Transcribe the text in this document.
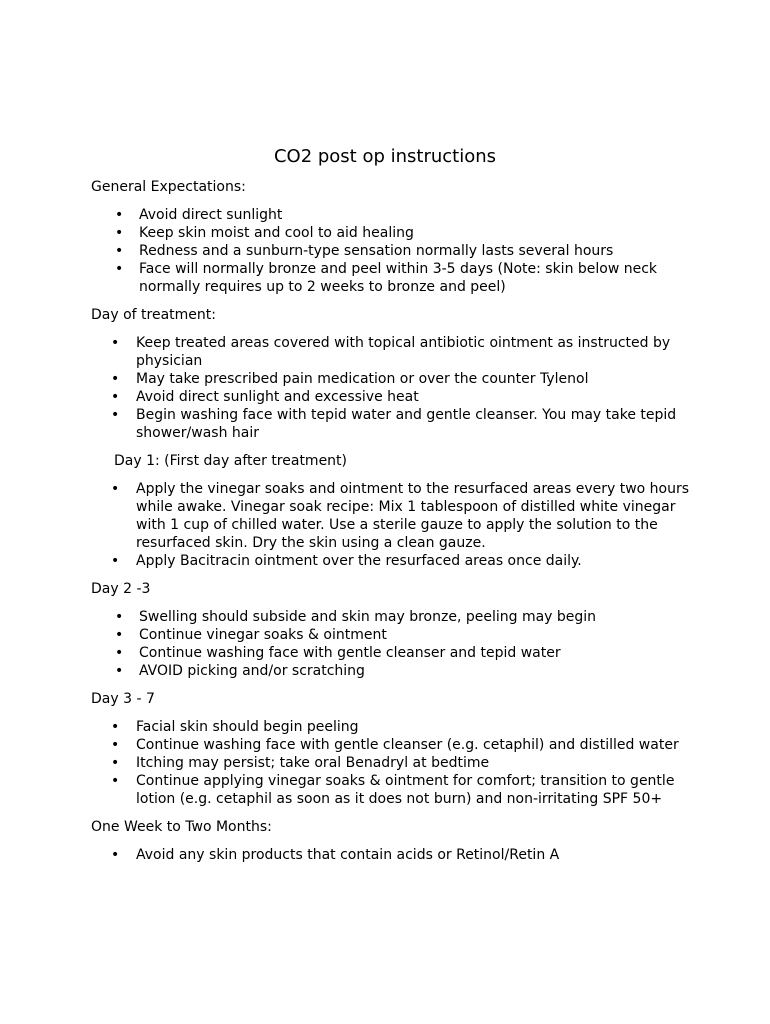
CO2 post op instructions

General Expectations:

• Avoid direct sunlight
• Keep skin moist and cool to aid healing
• Redness and a sunburn-type sensation normally lasts several hours
• Face will normally bronze and peel within 3-5 days (Note: skin below neck normally requires up to 2 weeks to bronze and peel)

Day of treatment:

• Keep treated areas covered with topical antibiotic ointment as instructed by physician
• May take prescribed pain medication or over the counter Tylenol
• Avoid direct sunlight and excessive heat
• Begin washing face with tepid water and gentle cleanser. You may take tepid shower/wash hair

Day 1: (First day after treatment)

• Apply the vinegar soaks and ointment to the resurfaced areas every two hours while awake. Vinegar soak recipe: Mix 1 tablespoon of distilled white vinegar with 1 cup of chilled water. Use a sterile gauze to apply the solution to the resurfaced skin. Dry the skin using a clean gauze.
• Apply Bacitracin ointment over the resurfaced areas once daily.

Day 2 -3

• Swelling should subside and skin may bronze, peeling may begin
• Continue vinegar soaks & ointment
• Continue washing face with gentle cleanser and tepid water
• AVOID picking and/or scratching

Day 3 - 7

• Facial skin should begin peeling
• Continue washing face with gentle cleanser (e.g. cetaphil) and distilled water
• Itching may persist; take oral Benadryl at bedtime
• Continue applying vinegar soaks & ointment for comfort; transition to gentle lotion (e.g. cetaphil as soon as it does not burn) and non-irritating SPF 50+

One Week to Two Months:

• Avoid any skin products that contain acids or Retinol/Retin A
